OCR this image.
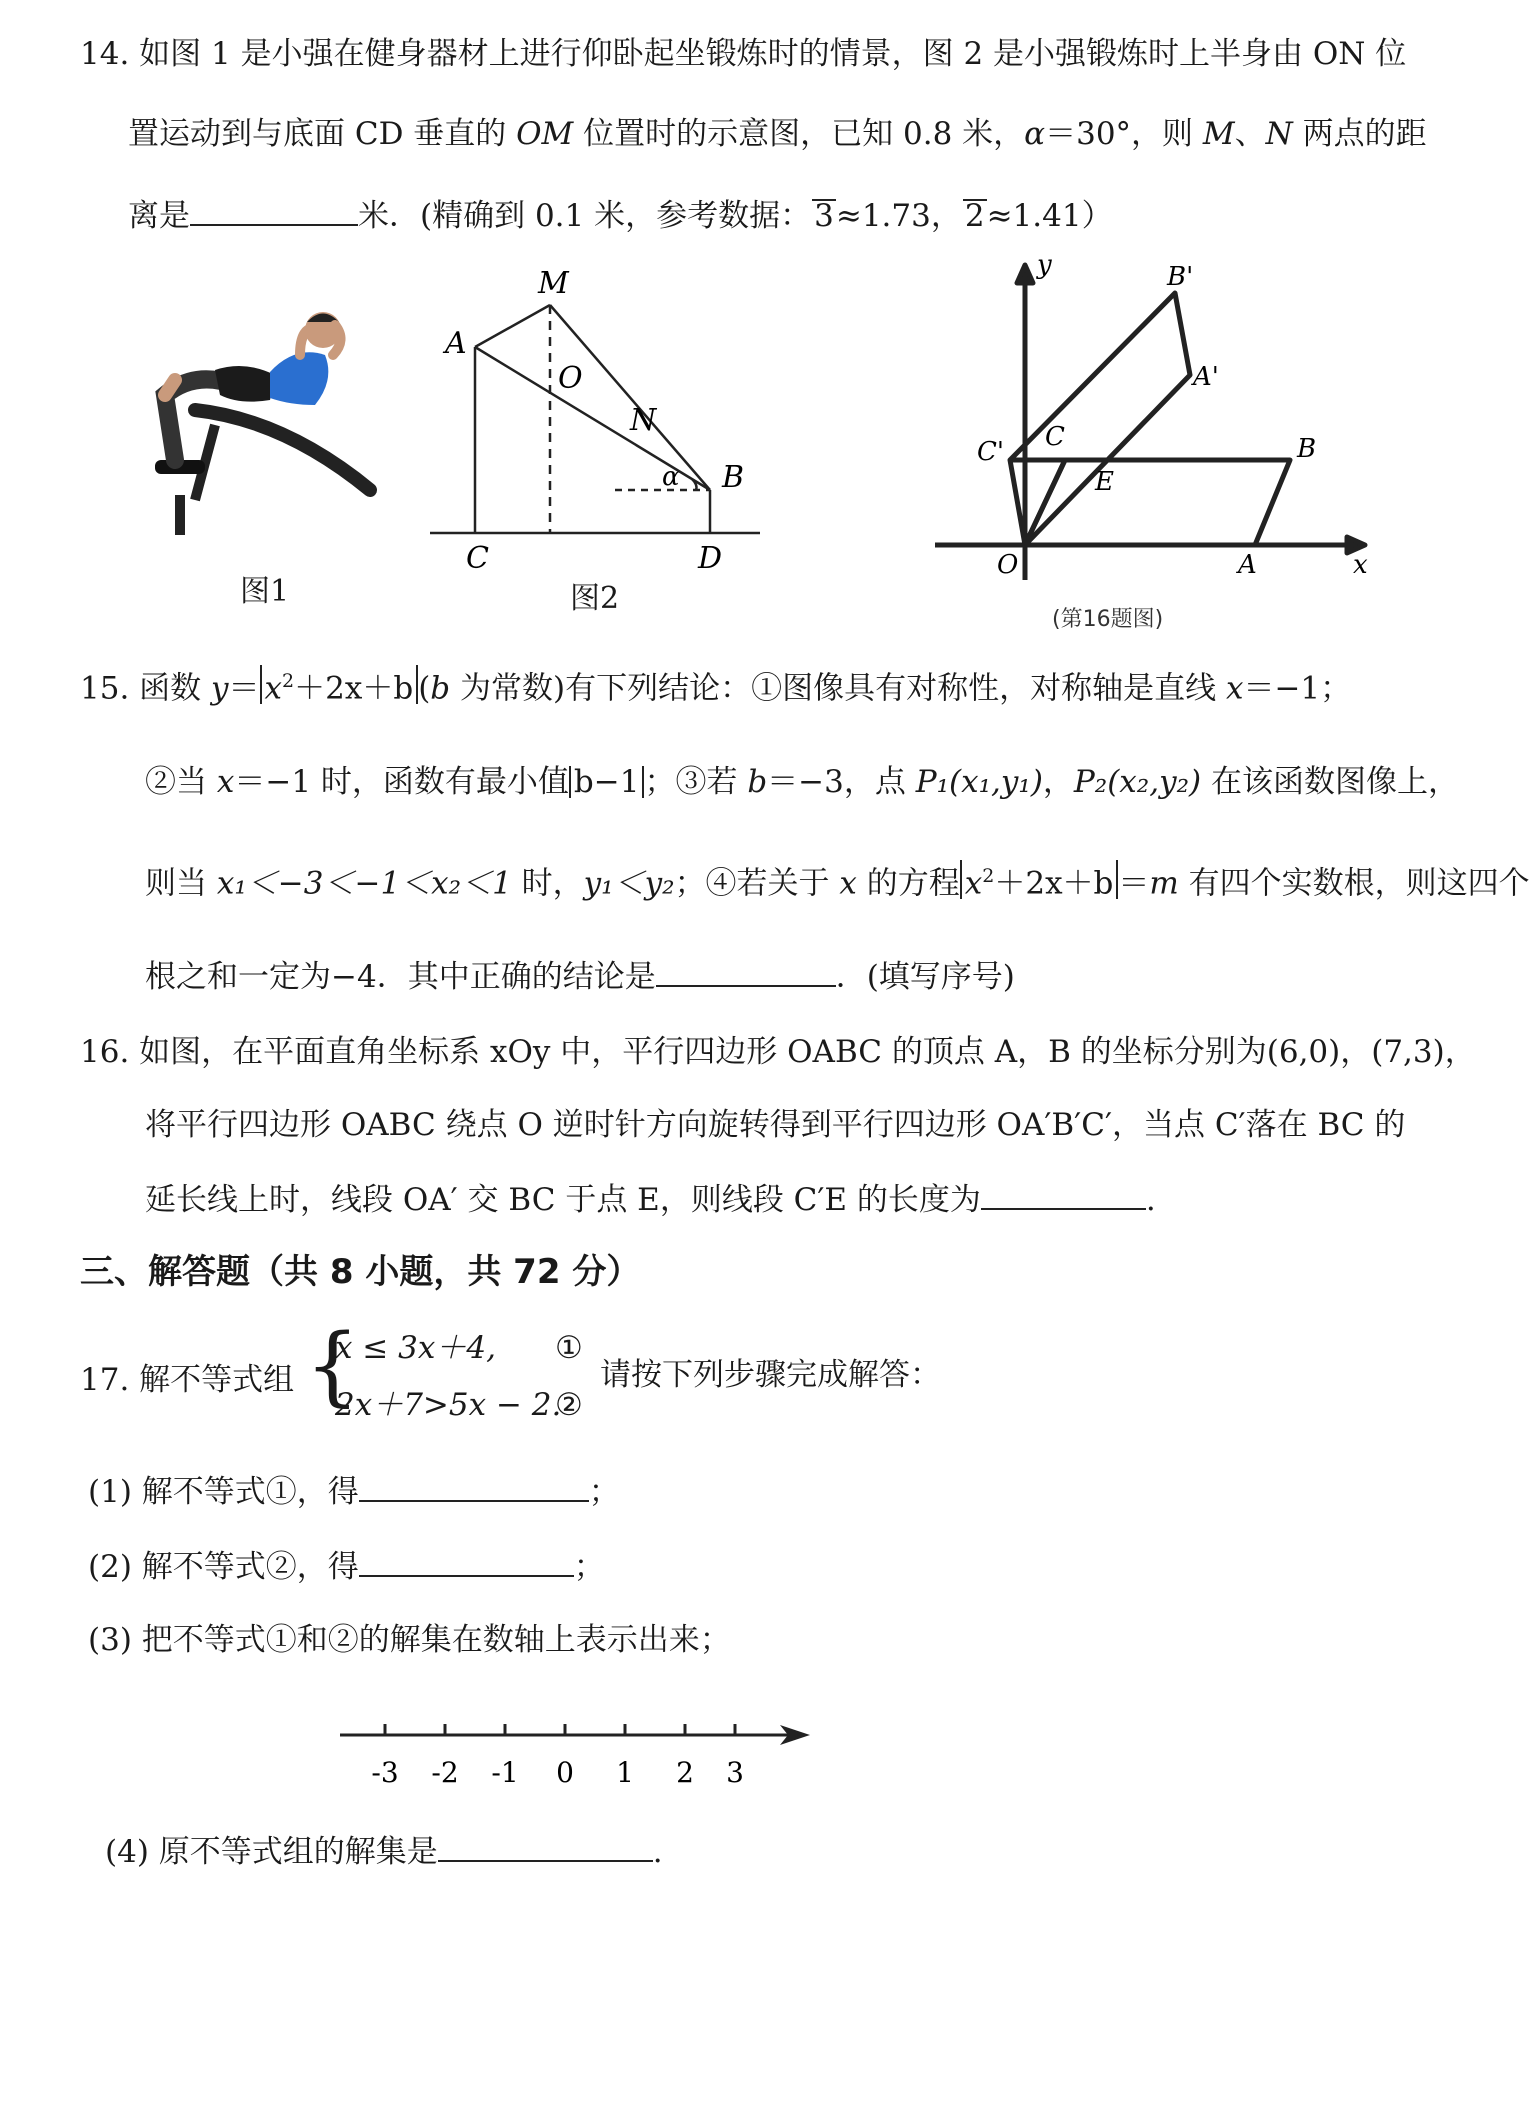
14. 如图 1 是小强在健身器材上进行仰卧起坐锻炼时的情景，图 2 是小强锻炼时上半身由 ON 位
置运动到与底面 CD 垂直的 OM 位置时的示意图，已知 0.8 米，α＝30°，则 M、N 两点的距
离是	米．(精确到 0.1 米，参考数据：3≈1.73，2≈1.41）
图1
M
A
O
N
α B
C	D
图2
y	B'
A'
C' C	B
E
O	A	x
(第16题图)
15. 函数 $y= x^2+2x+b$ (b 为常数)有下列结论：①图像具有对称性，对称轴是直线 x＝−1；
②当 x＝−1 时，函数有最小值 b−1 ；③若 b＝−3，点 P₁(x₁,y₁)，P₂(x₂,y₂) 在该函数图像上，
则当 x₁＜−3＜−1＜x₂＜1 时，y₁＜y₂；④若关于 x 的方程 $x^2+2x+b =m$ 有四个实数根，则这四个
根之和一定为−4．其中正确的结论是	．(填写序号)
16. 如图，在平面直角坐标系 xOy 中，平行四边形 OABC 的顶点 A，B 的坐标分别为(6,0)，(7,3)，
将平行四边形 OABC 绕点 O 逆时针方向旋转得到平行四边形 OA′B′C′，当点 C′落在 BC 的
延长线上时，线段 OA′ 交 BC 于点 E，则线段 C′E 的长度为	.
三、解答题（共 8 小题，共 72 分）
17. 解不等式组 {
x ≤ 3x＋4,
2x＋7>5x − 2.
①
②
请按下列步骤完成解答：
(1) 解不等式①，得	；
(2) 解不等式②，得	；
(3) 把不等式①和②的解集在数轴上表示出来；
-3 -2 -1 0 1 2 3
(4) 原不等式组的解集是	.
